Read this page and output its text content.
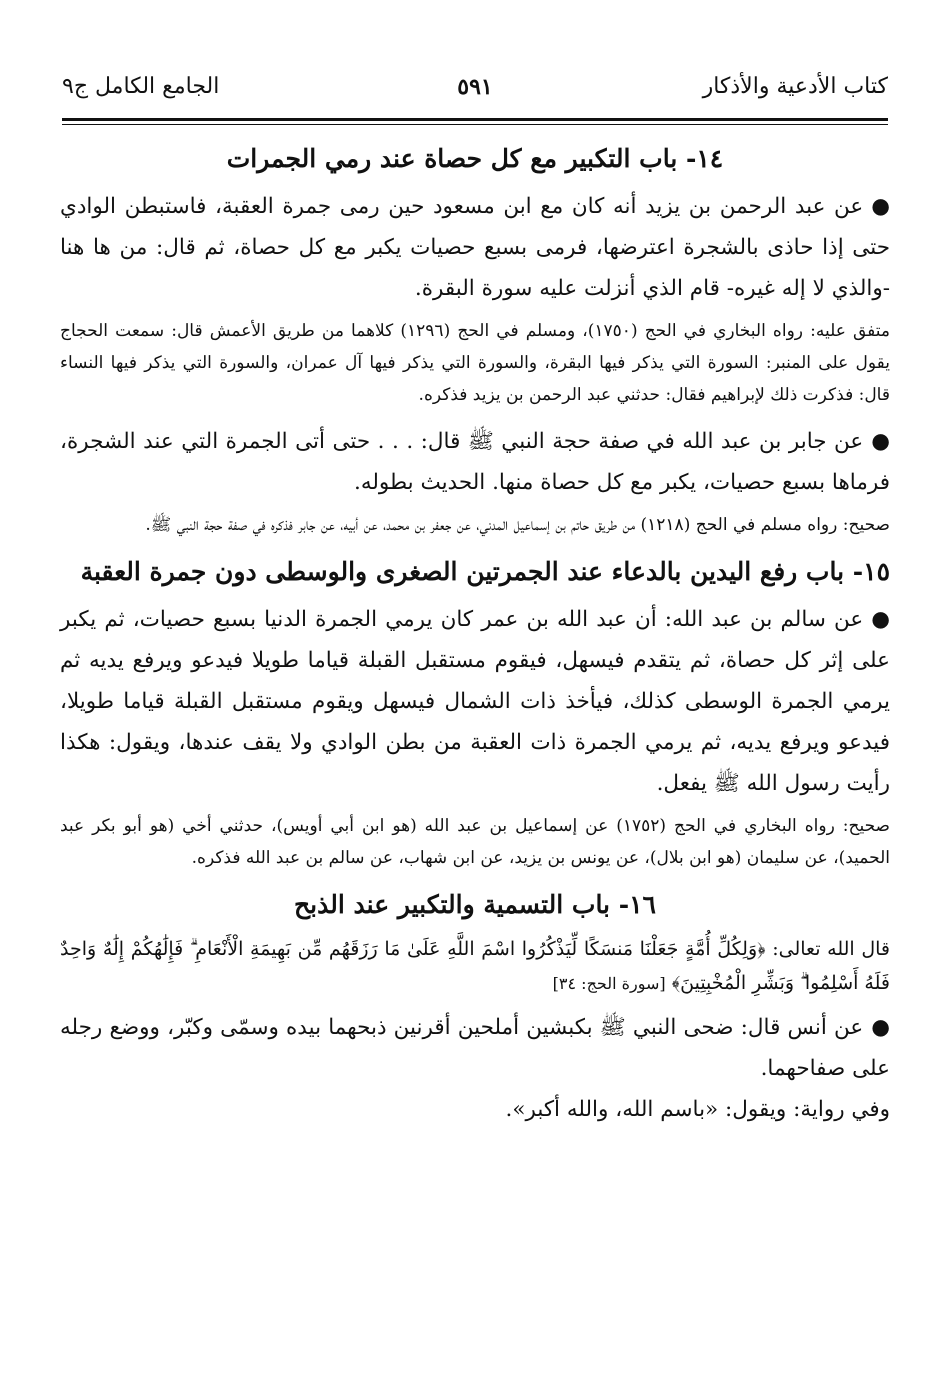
كتاب الأدعية والأذكار
٥٩١
الجامع الكامل ج٩
١٤- باب التكبير مع كل حصاة عند رمي الجمرات

●عن عبد الرحمن بن يزيد أنه كان مع ابن مسعود حين رمى جمرة العقبة، فاستبطن الوادي حتى إذا حاذى بالشجرة اعترضها، فرمى بسبع حصيات يكبر مع كل حصاة، ثم قال: من ها هنا -والذي لا إله غيره- قام الذي أنزلت عليه سورة البقرة.

متفق عليه: رواه البخاري في الحج (١٧٥٠)، ومسلم في الحج (١٢٩٦) كلاهما من طريق الأعمش قال: سمعت الحجاج يقول على المنبر: السورة التي يذكر فيها البقرة، والسورة التي يذكر فيها آل عمران، والسورة التي يذكر فيها النساء قال: فذكرت ذلك لإبراهيم فقال: حدثني عبد الرحمن بن يزيد فذكره.

●عن جابر بن عبد الله في صفة حجة النبي ﷺ قال: . . . حتى أتى الجمرة التي عند الشجرة، فرماها بسبع حصيات، يكبر مع كل حصاة منها. الحديث بطوله.

صحيح: رواه مسلم في الحج (١٢١٨) من طريق حاتم بن إسماعيل المدني، عن جعفر بن محمد، عن أبيه، عن جابر فذكره في صفة حجة النبي ﷺ.

١٥- باب رفع اليدين بالدعاء عند الجمرتين الصغرى والوسطى دون جمرة العقبة

●عن سالم بن عبد الله: أن عبد الله بن عمر كان يرمي الجمرة الدنيا بسبع حصيات، ثم يكبر على إثر كل حصاة، ثم يتقدم فيسهل، فيقوم مستقبل القبلة قياما طويلا فيدعو ويرفع يديه ثم يرمي الجمرة الوسطى كذلك، فيأخذ ذات الشمال فيسهل ويقوم مستقبل القبلة قياما طويلا، فيدعو ويرفع يديه، ثم يرمي الجمرة ذات العقبة من بطن الوادي ولا يقف عندها، ويقول: هكذا رأيت رسول الله ﷺ يفعل.

صحيح: رواه البخاري في الحج (١٧٥٢) عن إسماعيل بن عبد الله (هو ابن أبي أويس)، حدثني أخي (هو أبو بكر عبد الحميد)، عن سليمان (هو ابن بلال)، عن يونس بن يزيد، عن ابن شهاب، عن سالم بن عبد الله فذكره.

١٦- باب التسمية والتكبير عند الذبح

قال الله تعالى: ﴿وَلِكُلِّ أُمَّةٍ جَعَلْنَا مَنسَكًا لِّيَذْكُرُوا اسْمَ اللَّهِ عَلَىٰ مَا رَزَقَهُم مِّن بَهِيمَةِ الْأَنْعَامِ ۗ فَإِلَٰهُكُمْ إِلَٰهٌ وَاحِدٌ فَلَهُ أَسْلِمُوا ۗ وَبَشِّرِ الْمُخْبِتِينَ﴾ [سورة الحج: ٣٤]

●عن أنس قال: ضحى النبي ﷺ بكبشين أملحين أقرنين ذبحهما بيده وسمّى وكبّر، ووضع رجله على صفاحهما.

وفي رواية: ويقول: «باسم الله، والله أكبر».
